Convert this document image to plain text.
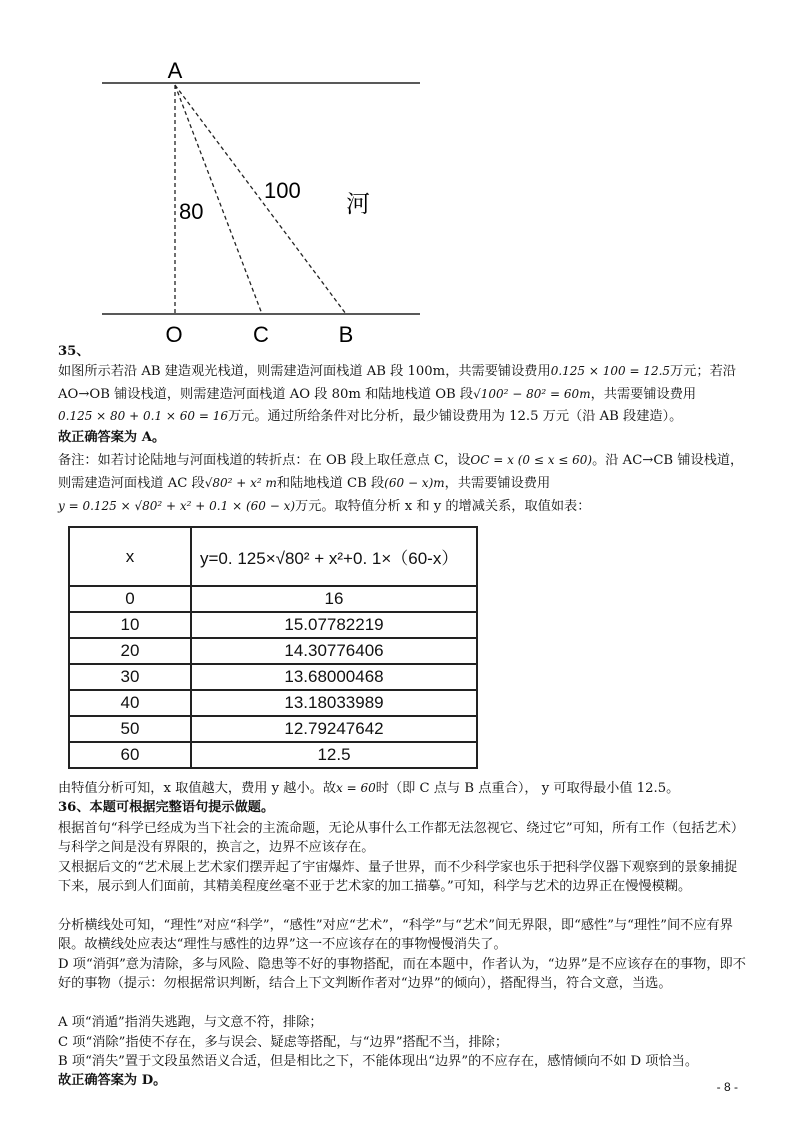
A
O	C	B
80
100 河
35、
如图所示若沿 AB 建造观光栈道，则需建造河面栈道 AB 段 100m，共需要铺设费用0.125 × 100 = 12.5万元；若沿
AO→OB 铺设栈道，则需建造河面栈道 AO 段 80m 和陆地栈道 OB 段√100² − 80² = 60m，共需要铺设费用
0.125 × 80 + 0.1 × 60 = 16万元。通过所给条件对比分析，最少铺设费用为 12.5 万元（沿 AB 段建造）。
故正确答案为 A。
备注：如若讨论陆地与河面栈道的转折点：在 OB 段上取任意点 C，设OC = x (0 ≤ x ≤ 60)。沿 AC→CB 铺设栈道，
则需建造河面栈道 AC 段√80² + x² m和陆地栈道 CB 段(60 − x)m，共需要铺设费用
y = 0.125 × √80² + x² + 0.1 × (60 − x)万元。取特值分析 x 和 y 的增减关系，取值如表：
x	y=0. 125×√80² + x²+0. 1×（60-x）
0	16
10	15.07782219
20	14.30776406
30	13.68000468
40	13.18033989
50	12.79247642
60	12.5
由特值分析可知，x 取值越大，费用 y 越小。故x = 60时（即 C 点与 B 点重合）， y 可取得最小值 12.5。
36、本题可根据完整语句提示做题。
根据首句“科学已经成为当下社会的主流命题，无论从事什么工作都无法忽视它、绕过它”可知，所有工作（包括艺术）与科学之间是没有界限的，换言之，边界不应该存在。
又根据后文的“艺术展上艺术家们摆弄起了宇宙爆炸、量子世界，而不少科学家也乐于把科学仪器下观察到的景象捕捉下来，展示到人们面前，其精美程度丝毫不亚于艺术家的加工描摹。”可知，科学与艺术的边界正在慢慢模糊。
分析横线处可知，“理性”对应“科学”，“感性”对应“艺术”，“科学”与“艺术”间无界限，即“感性”与“理性”间不应有界限。故横线处应表达“理性与感性的边界”这一不应该存在的事物慢慢消失了。
D 项“消弭”意为清除，多与风险、隐患等不好的事物搭配，而在本题中，作者认为，“边界”是不应该存在的事物，即不好的事物（提示：勿根据常识判断，结合上下文判断作者对“边界”的倾向），搭配得当，符合文意，当选。
A 项“消遁”指消失逃跑，与文意不符，排除；
C 项“消除”指使不存在，多与误会、疑虑等搭配，与“边界”搭配不当，排除；
B 项“消失”置于文段虽然语义合适，但是相比之下，不能体现出“边界”的不应存在，感情倾向不如 D 项恰当。
故正确答案为 D。	- 8 -
